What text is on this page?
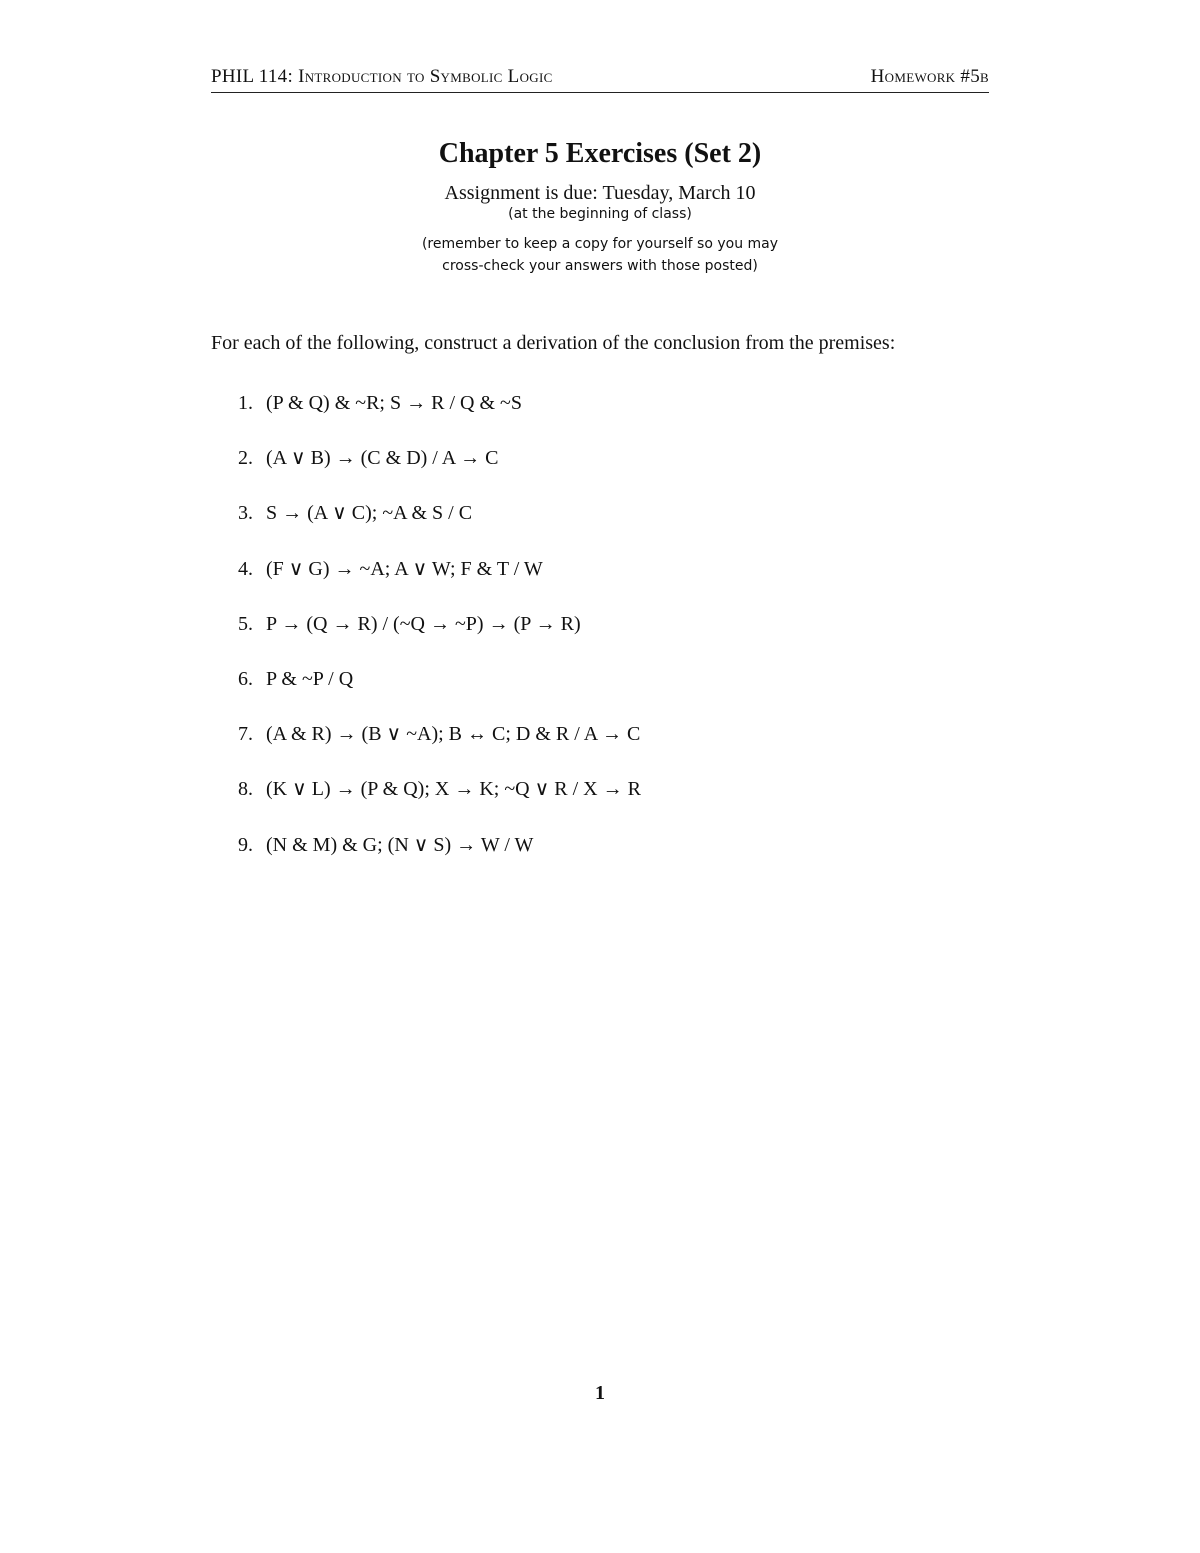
PHIL 114: Introduction to Symbolic Logic	Homework #5b
Chapter 5 Exercises (Set 2)
Assignment is due: Tuesday, March 10
(at the beginning of class)
(remember to keep a copy for yourself so you may
cross-check your answers with those posted)
For each of the following, construct a derivation of the conclusion from the premises:
1. (P & Q) & ~R; S → R / Q & ~S
2. (A ∨ B) → (C & D) / A → C
3. S → (A ∨ C); ~A & S / C
4. (F ∨ G) → ~A; A ∨ W; F & T / W
5. P → (Q → R) / (~Q → ~P) → (P → R)
6. P & ~P / Q
7. (A & R) → (B ∨ ~A); B ↔ C; D & R / A → C
8. (K ∨ L) → (P & Q); X → K; ~Q ∨ R / X → R
9. (N & M) & G; (N ∨ S) → W / W
1
